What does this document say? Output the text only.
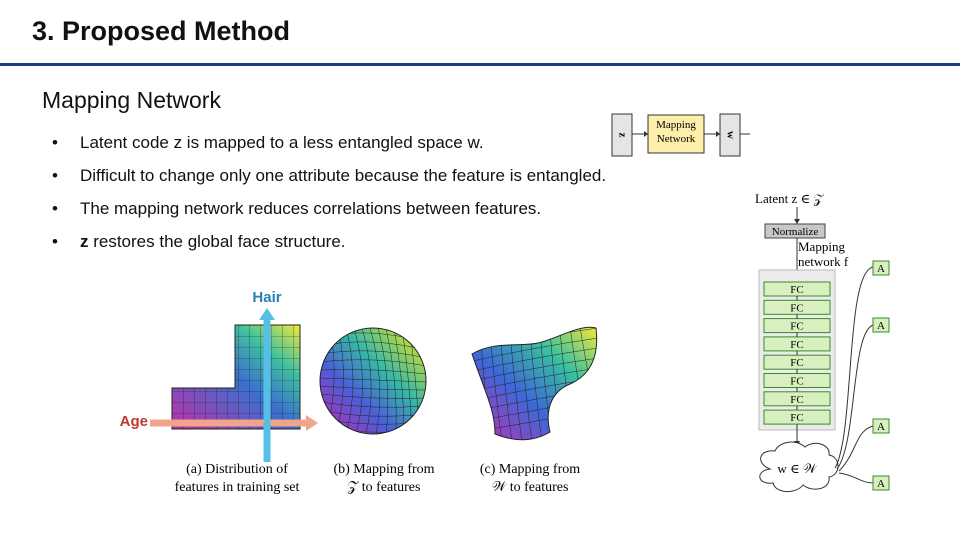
3. Proposed Method
Mapping Network
• Latent code z is mapped to a less entangled space w.
• Difficult to change only one attribute because the feature is entangled.
• The mapping network reduces correlations between features.
• z restores the global face structure.
z
Mapping
Network	w
Hair
Age
(a) Distribution of
features in training set
(b) Mapping from
𝒵 to features
(c) Mapping from
𝒲 to features
Latent z ∈ 𝒵
Normalize
Mapping
network f
FC
FC
FC
FC
FC
FC
FC
FC
w ∈ 𝒲
A
A
A
A
